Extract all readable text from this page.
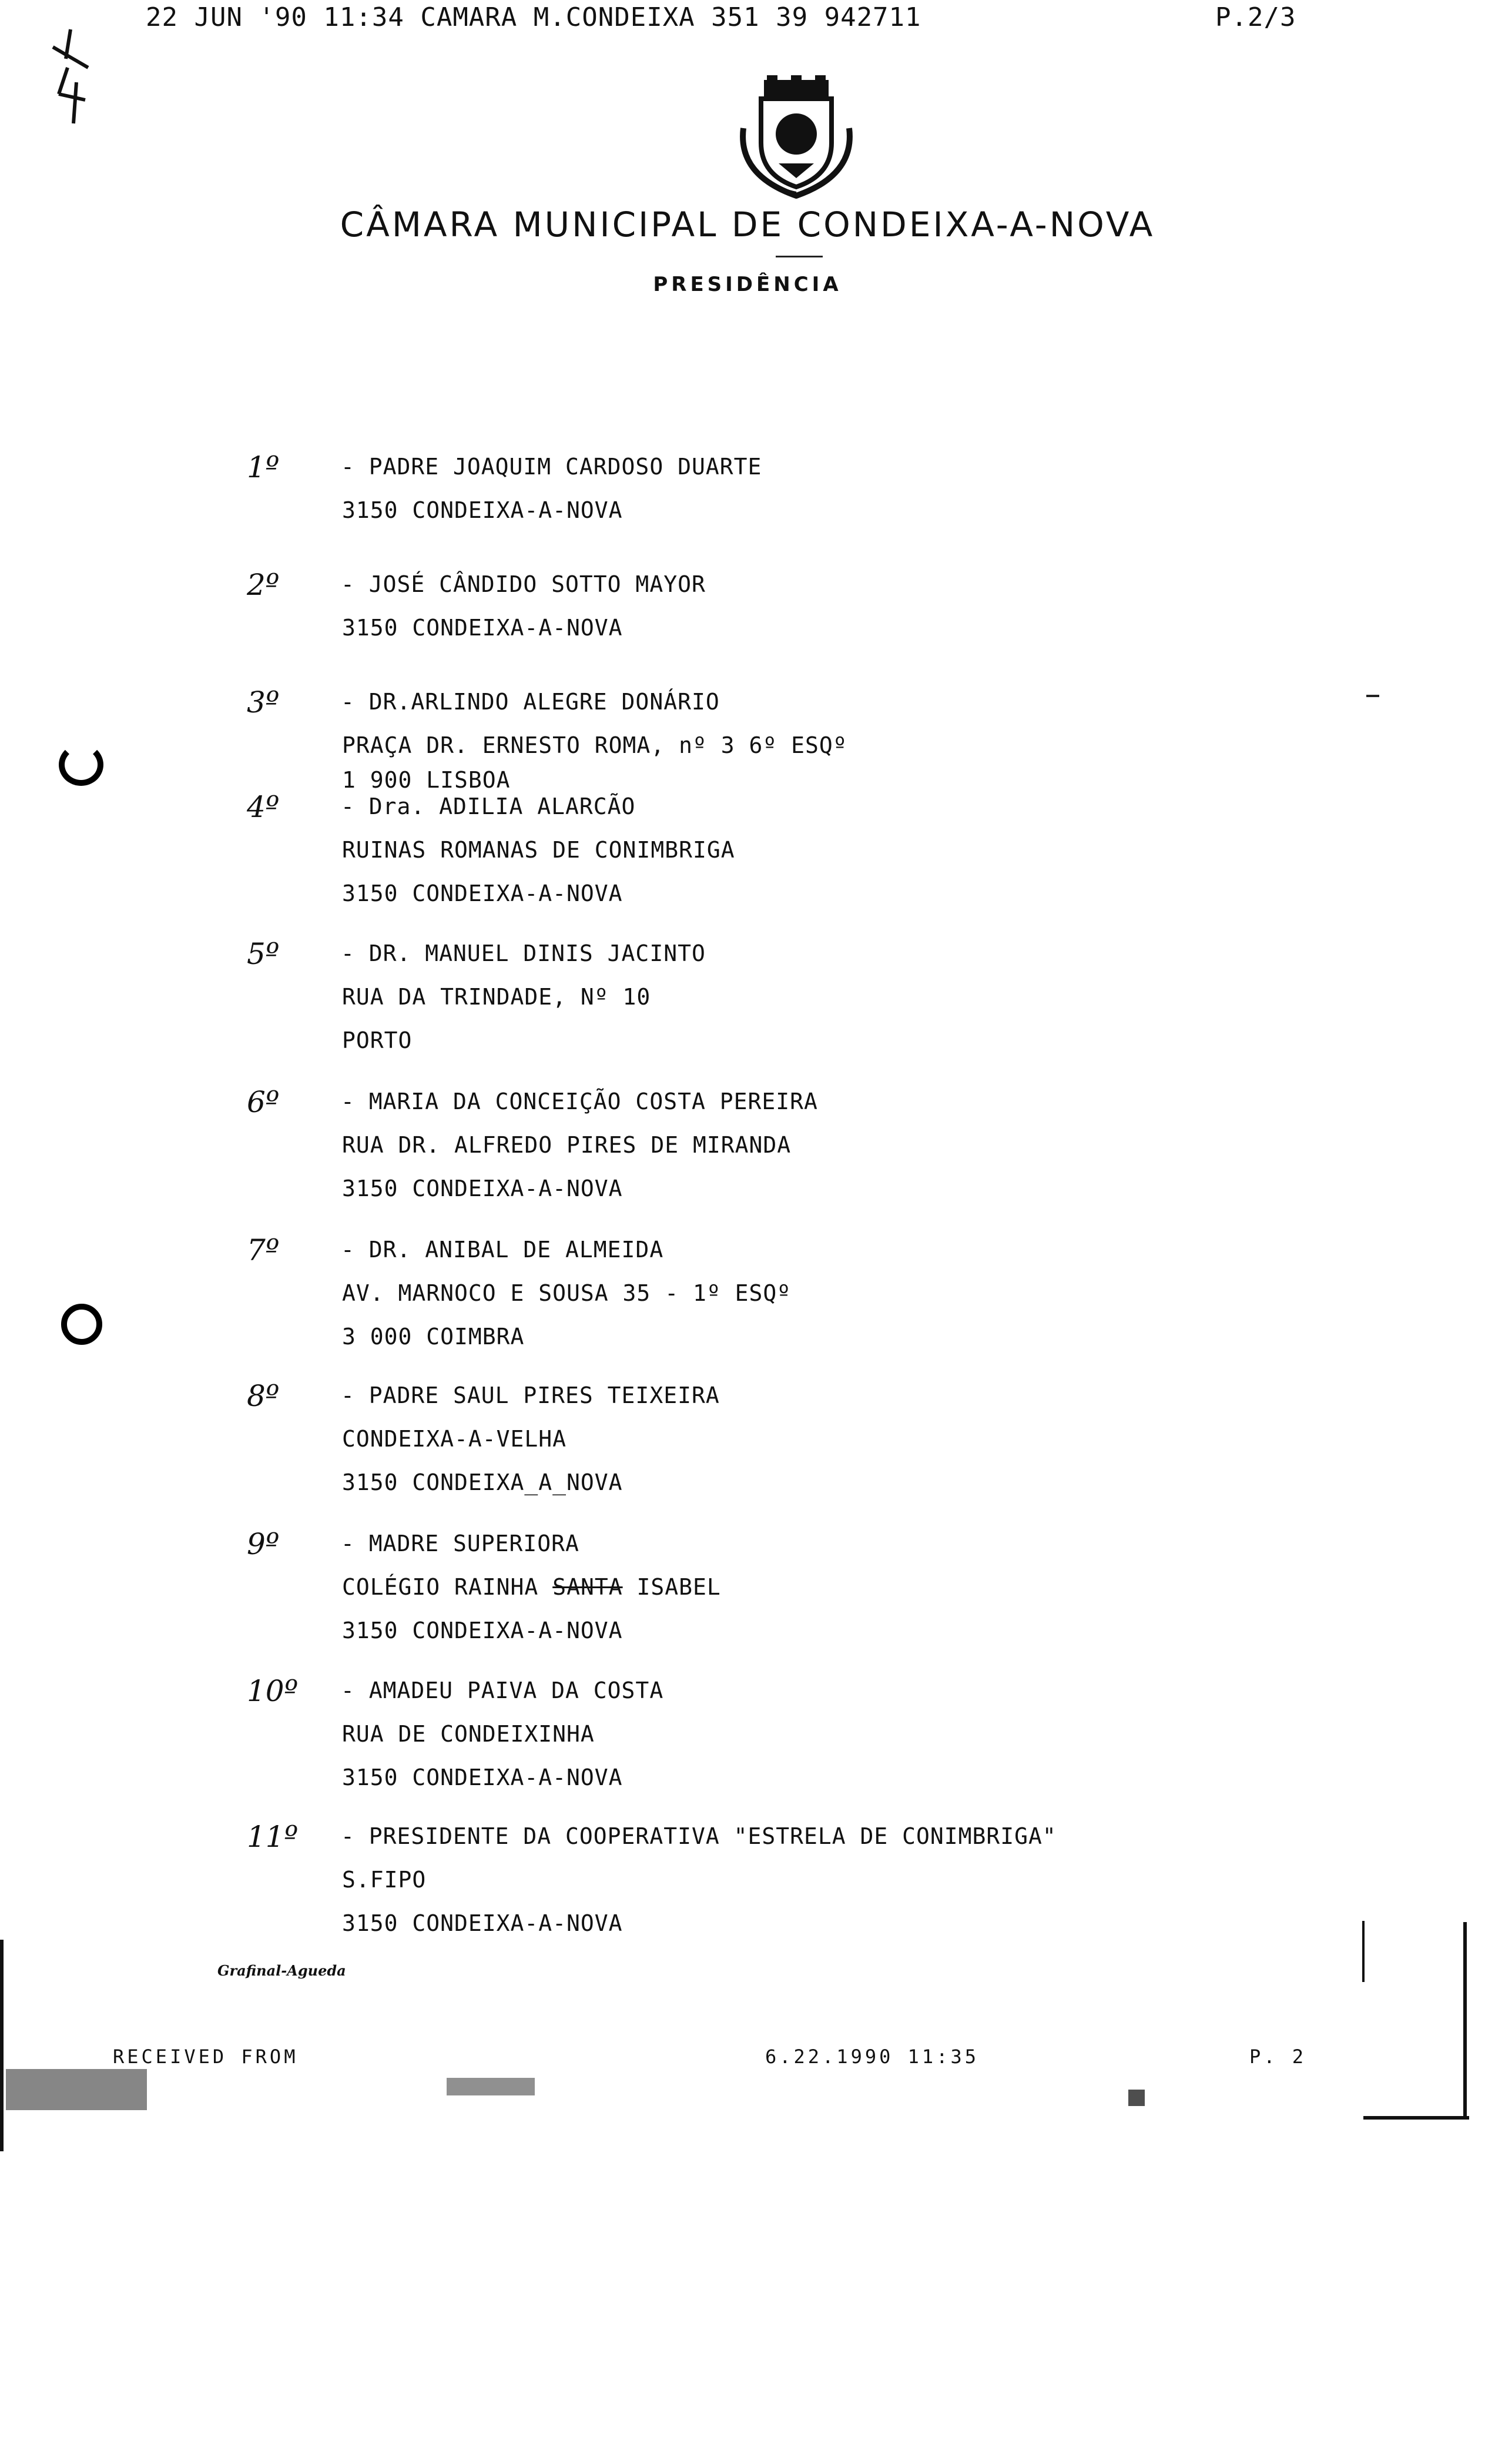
22 JUN '90 11:34 CAMARA M.CONDEIXA 351 39 942711	P.2/3
CÂMARA MUNICIPAL DE CONDEIXA-A-NOVA
PRESIDÊNCIA
1º	- PADRE JOAQUIM CARDOSO DUARTE
3150 CONDEIXA-A-NOVA
2º	- JOSÉ CÂNDIDO SOTTO MAYOR
3150 CONDEIXA-A-NOVA
3º	- DR.ARLINDO ALEGRE DONÁRIO
PRAÇA DR. ERNESTO ROMA, nº 3 6º ESQº
1 900 LISBOA
4º	- Dra. ADILIA ALARCÃO
RUINAS ROMANAS DE CONIMBRIGA
3150 CONDEIXA-A-NOVA
5º	- DR. MANUEL DINIS JACINTO
RUA DA TRINDADE, Nº 10
PORTO
6º	- MARIA DA CONCEIÇÃO COSTA PEREIRA
RUA DR. ALFREDO PIRES DE MIRANDA
3150 CONDEIXA-A-NOVA
7º	- DR. ANIBAL DE ALMEIDA
AV. MARNOCO E SOUSA 35 - 1º ESQº
3 000 COIMBRA
8º	- PADRE SAUL PIRES TEIXEIRA
CONDEIXA-A-VELHA
3150 CONDEIXA_A_NOVA
9º	- MADRE SUPERIORA
COLÉGIO RAINHA SANTA ISABEL
3150 CONDEIXA-A-NOVA
10º	- AMADEU PAIVA DA COSTA
RUA DE CONDEIXINHA
3150 CONDEIXA-A-NOVA
11º	- PRESIDENTE DA COOPERATIVA "ESTRELA DE CONIMBRIGA"
S.FIPO
3150 CONDEIXA-A-NOVA
Grafinal-Agueda
RECEIVED FROM	6.22.1990 11:35	P. 2
